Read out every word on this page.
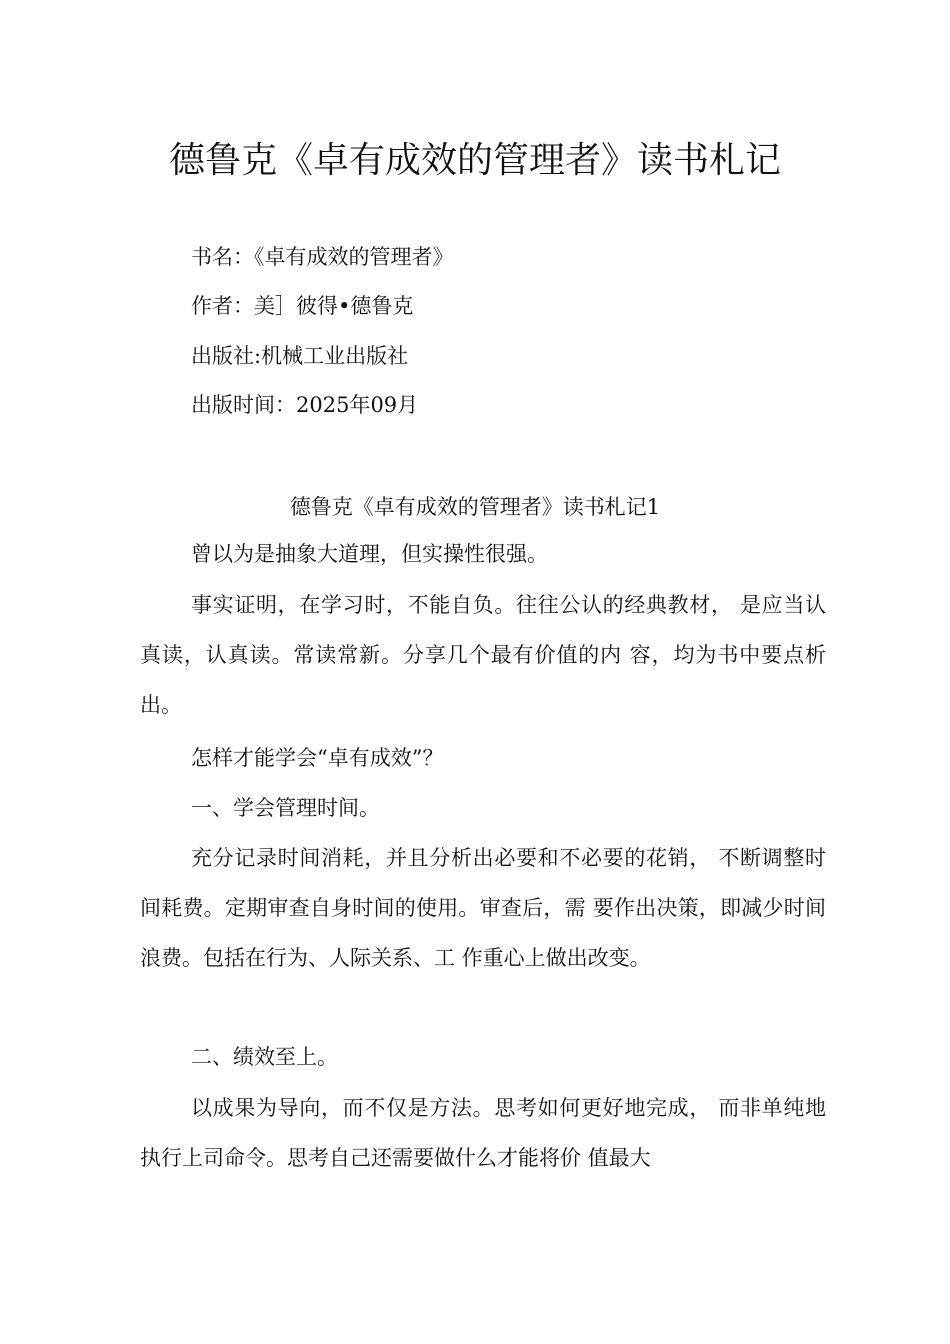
德鲁克《卓有成效的管理者》读书札记
书名：《卓有成效的管理者》
作者：美］彼得•德鲁克
出版社:机械工业出版社
出版时间：2025年09月
德鲁克《卓有成效的管理者》读书札记1

曾以为是抽象大道理，但实操性很强。

事实证明，在学习时，不能自负。往往公认的经典教材， 是应当认真读，认真读。常读常新。分享几个最有价值的内 容，均为书中要点析出。

怎样才能学会“卓有成效”？

一、学会管理时间。

充分记录时间消耗，并且分析出必要和不必要的花销， 不断调整时间耗费。定期审查自身时间的使用。审查后，需 要作出决策，即减少时间浪费。包括在行为、人际关系、工 作重心上做出改变。

二、绩效至上。

以成果为导向，而不仅是方法。思考如何更好地完成， 而非单纯地执行上司命令。思考自己还需要做什么才能将价 值最大
